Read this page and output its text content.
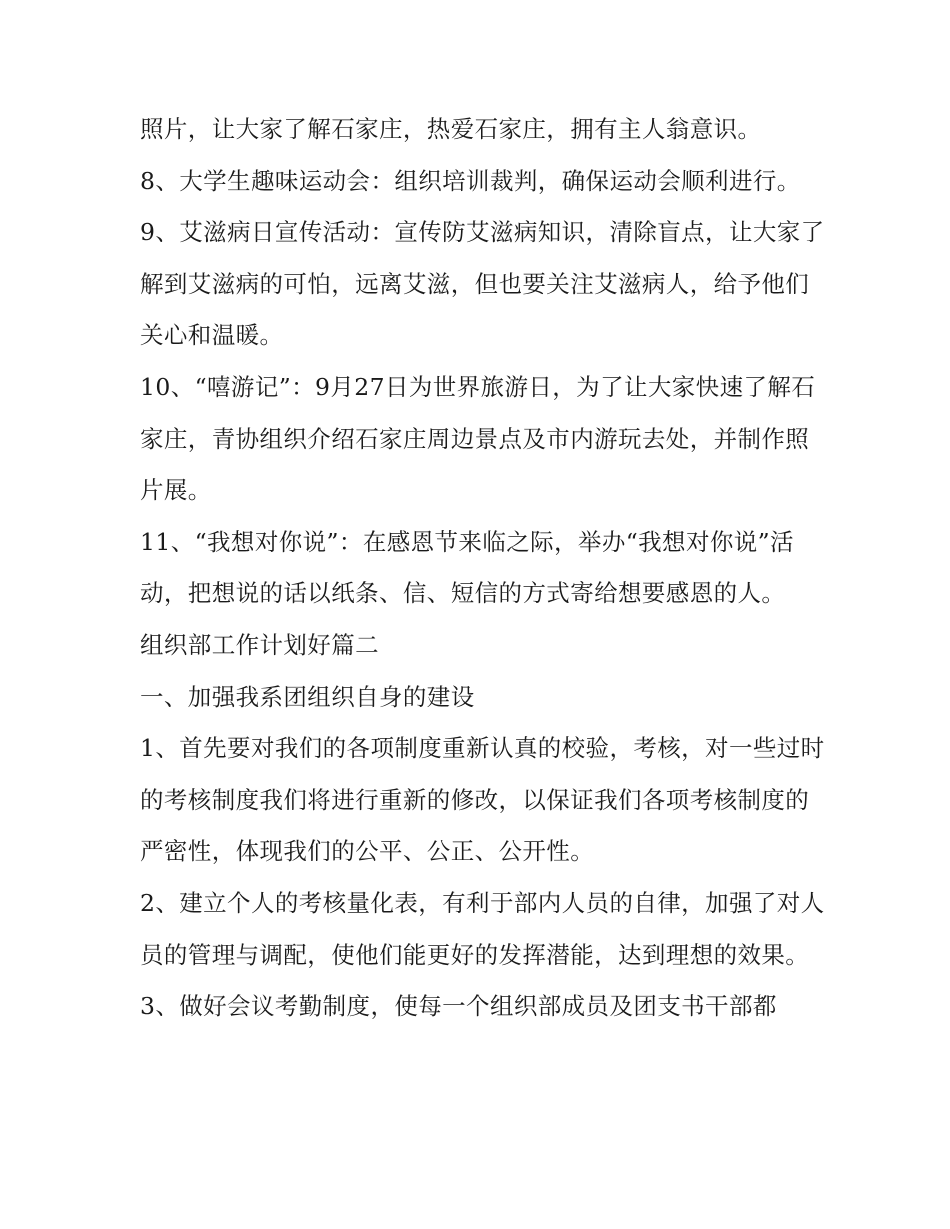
照片，让大家了解石家庄，热爱石家庄，拥有主人翁意识。

8、大学生趣味运动会：组织培训裁判，确保运动会顺利进行。

9、艾滋病日宣传活动：宣传防艾滋病知识，清除盲点，让大家了解到艾滋病的可怕，远离艾滋，但也要关注艾滋病人，给予他们关心和温暖。

10、“嘻游记”：9月27日为世界旅游日，为了让大家快速了解石家庄，青协组织介绍石家庄周边景点及市内游玩去处，并制作照片展。

11、“我想对你说”：在感恩节来临之际，举办“我想对你说”活动，把想说的话以纸条、信、短信的方式寄给想要感恩的人。

组织部工作计划好篇二

一、加强我系团组织自身的建设

1、首先要对我们的各项制度重新认真的校验，考核，对一些过时的考核制度我们将进行重新的修改，以保证我们各项考核制度的严密性，体现我们的公平、公正、公开性。

2、建立个人的考核量化表，有利于部内人员的自律，加强了对人员的管理与调配，使他们能更好的发挥潜能，达到理想的效果。

3、做好会议考勤制度，使每一个组织部成员及团支书干部都
